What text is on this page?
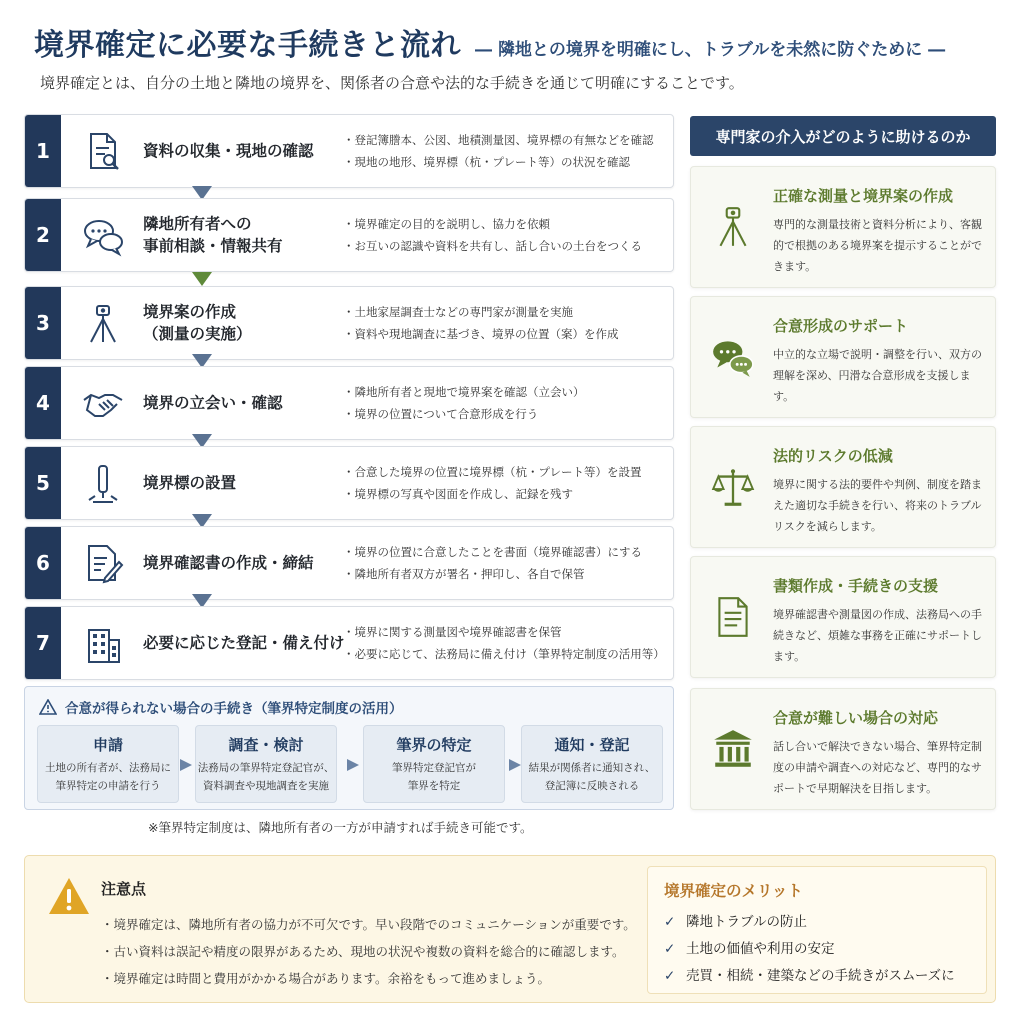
境界確定に必要な手続きと流れ ― 隣地との境界を明確にし、トラブルを未然に防ぐために ―
境界確定とは、自分の土地と隣地の境界を、関係者の合意や法的な手続きを通じて明確にすることです。
1	資料の収集・現地の確認
・登記簿謄本、公図、地積測量図、境界標の有無などを確認
・現地の地形、境界標（杭・プレート等）の状況を確認
2	隣地所有者への
事前相談・情報共有
・境界確定の目的を説明し、協力を依頼
・お互いの認識や資料を共有し、話し合いの土台をつくる
3	境界案の作成
（測量の実施）
・土地家屋調査士などの専門家が測量を実施
・資料や現地調査に基づき、境界の位置（案）を作成
4	境界の立会い・確認
・隣地所有者と現地で境界案を確認（立会い）
・境界の位置について合意形成を行う
5	境界標の設置
・合意した境界の位置に境界標（杭・プレート等）を設置
・境界標の写真や図面を作成し、記録を残す
6	境界確認書の作成・締結
・境界の位置に合意したことを書面（境界確認書）にする
・隣地所有者双方が署名・押印し、各自で保管
7	必要に応じた登記・備え付け
・境界に関する測量図や境界確認書を保管
・必要に応じて、法務局に備え付け（筆界特定制度の活用等）
合意が得られない場合の手続き（筆界特定制度の活用）
申請
土地の所有者が、法務局に
筆界特定の申請を行う
調査・検討
法務局の筆界特定登記官が、
資料調査や現地調査を実施
筆界の特定
筆界特定登記官が
筆界を特定
通知・登記
結果が関係者に通知され、
登記簿に反映される
※筆界特定制度は、隣地所有者の一方が申請すれば手続き可能です。
専門家の介入がどのように助けるのか
正確な測量と境界案の作成
専門的な測量技術と資料分析により、客観的で根拠のある境界案を提示することができます。
合意形成のサポート
中立的な立場で説明・調整を行い、双方の理解を深め、円滑な合意形成を支援します。
法的リスクの低減
境界に関する法的要件や判例、制度を踏まえた適切な手続きを行い、将来のトラブルリスクを減らします。
書類作成・手続きの支援
境界確認書や測量図の作成、法務局への手続きなど、煩雑な事務を正確にサポートします。
合意が難しい場合の対応
話し合いで解決できない場合、筆界特定制度の申請や調査への対応など、専門的なサポートで早期解決を目指します。
注意点
・境界確定は、隣地所有者の協力が不可欠です。早い段階でのコミュニケーションが重要です。
・古い資料は誤記や精度の限界があるため、現地の状況や複数の資料を総合的に確認します。
・境界確定は時間と費用がかかる場合があります。余裕をもって進めましょう。
境界確定のメリット
✓ 隣地トラブルの防止
✓ 土地の価値や利用の安定
✓ 売買・相続・建築などの手続きがスムーズに
